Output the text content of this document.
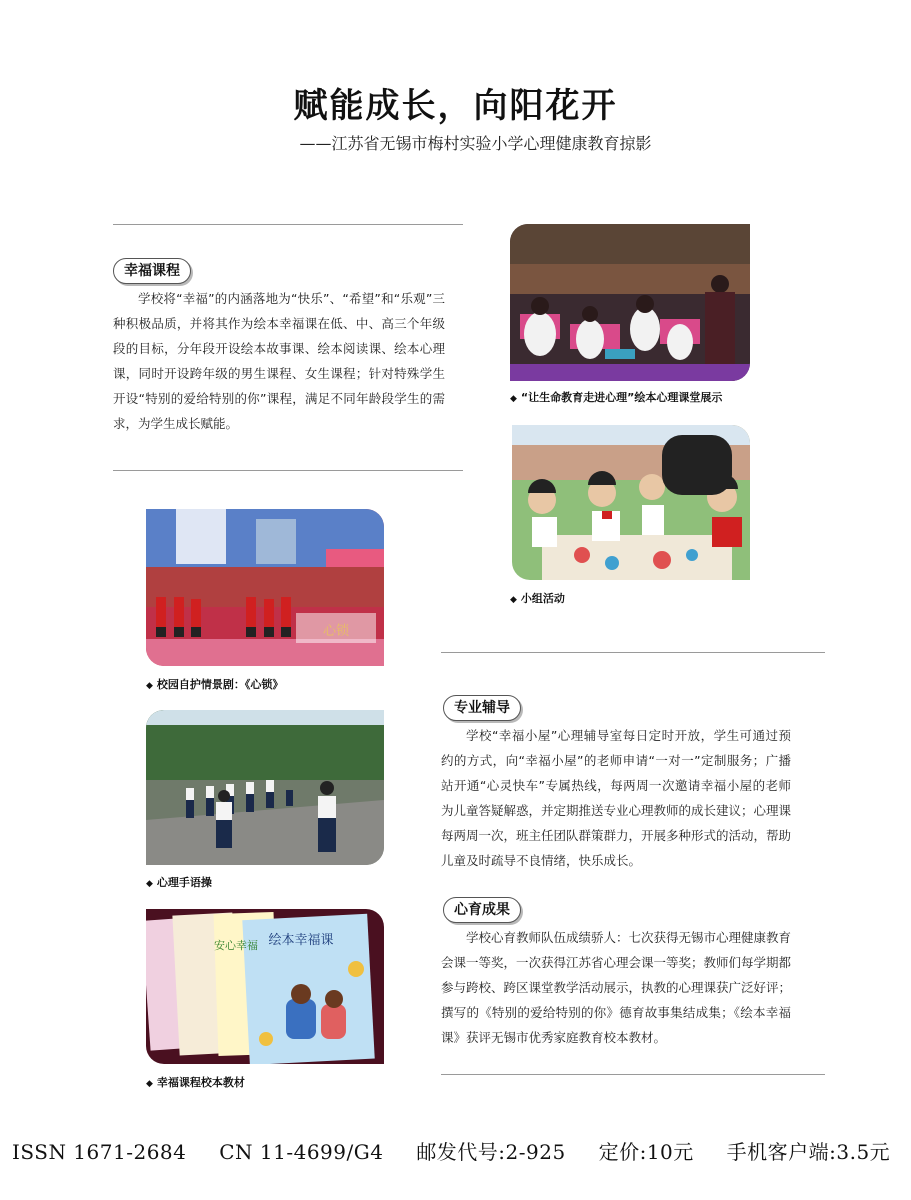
赋能成长，向阳花开
——江苏省无锡市梅村实验小学心理健康教育掠影
幸福课程
学校将“幸福”的内涵落地为“快乐”、“希望”和“乐观”三种积极品质，并将其作为绘本幸福课在低、中、高三个年级段的目标，分年段开设绘本故事课、绘本阅读课、绘本心理课，同时开设跨年级的男生课程、女生课程；针对特殊学生开设“特别的爱给特别的你”课程，满足不同年龄段学生的需求，为学生成长赋能。
◆ “让生命教育走进心理”绘本心理课堂展示
◆ 小组活动
心锁
◆ 校园自护情景剧：《心锁》
◆ 心理手语操
绘本幸福课
安心幸福
◆ 幸福课程校本教材
专业辅导
学校“幸福小屋”心理辅导室每日定时开放，学生可通过预约的方式，向“幸福小屋”的老师申请“一对一”定制服务；广播站开通“心灵快车”专属热线，每两周一次邀请幸福小屋的老师为儿童答疑解惑，并定期推送专业心理教师的成长建议；心理课每两周一次，班主任团队群策群力，开展多种形式的活动，帮助儿童及时疏导不良情绪，快乐成长。
心育成果
学校心育教师队伍成绩骄人：七次获得无锡市心理健康教育会课一等奖，一次获得江苏省心理会课一等奖；教师们每学期都参与跨校、跨区课堂教学活动展示，执教的心理课获广泛好评；撰写的《特别的爱给特别的你》德育故事集结成集；《绘本幸福课》获评无锡市优秀家庭教育校本教材。
ISSN 1671-2684 CN 11-4699/G4 邮发代号:2-925 定价:10元 手机客户端:3.5元
